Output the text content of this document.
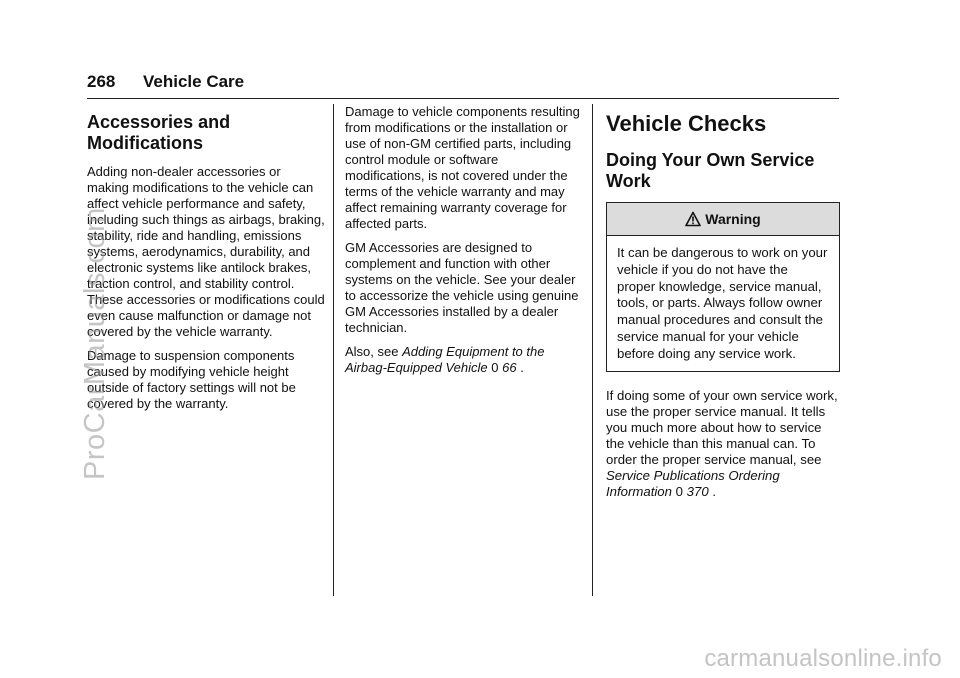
268 Vehicle Care
Accessories and Modifications

Adding non-dealer accessories or making modifications to the vehicle can affect vehicle performance and safety, including such things as airbags, braking, stability, ride and handling, emissions systems, aerodynamics, durability, and electronic systems like antilock brakes, traction control, and stability control. These accessories or modifications could even cause malfunction or damage not covered by the vehicle warranty.

Damage to suspension components caused by modifying vehicle height outside of factory settings will not be covered by the warranty.

Damage to vehicle components resulting from modifications or the installation or use of non-GM certified parts, including control module or software modifications, is not covered under the terms of the vehicle warranty and may affect remaining warranty coverage for affected parts.

GM Accessories are designed to complement and function with other systems on the vehicle. See your dealer to accessorize the vehicle using genuine GM Accessories installed by a dealer technician.

Also, see Adding Equipment to the Airbag-Equipped Vehicle 0 66 .

Vehicle Checks
Doing Your Own Service Work
Warning
It can be dangerous to work on your vehicle if you do not have the proper knowledge, service manual, tools, or parts. Always follow owner manual procedures and consult the service manual for your vehicle before doing any service work.

If doing some of your own service work, use the proper service manual. It tells you much more about how to service the vehicle than this manual can. To order the proper service manual, see Service Publications Ordering Information 0 370 .

ProCarManuals.com
carmanualsonline.info
